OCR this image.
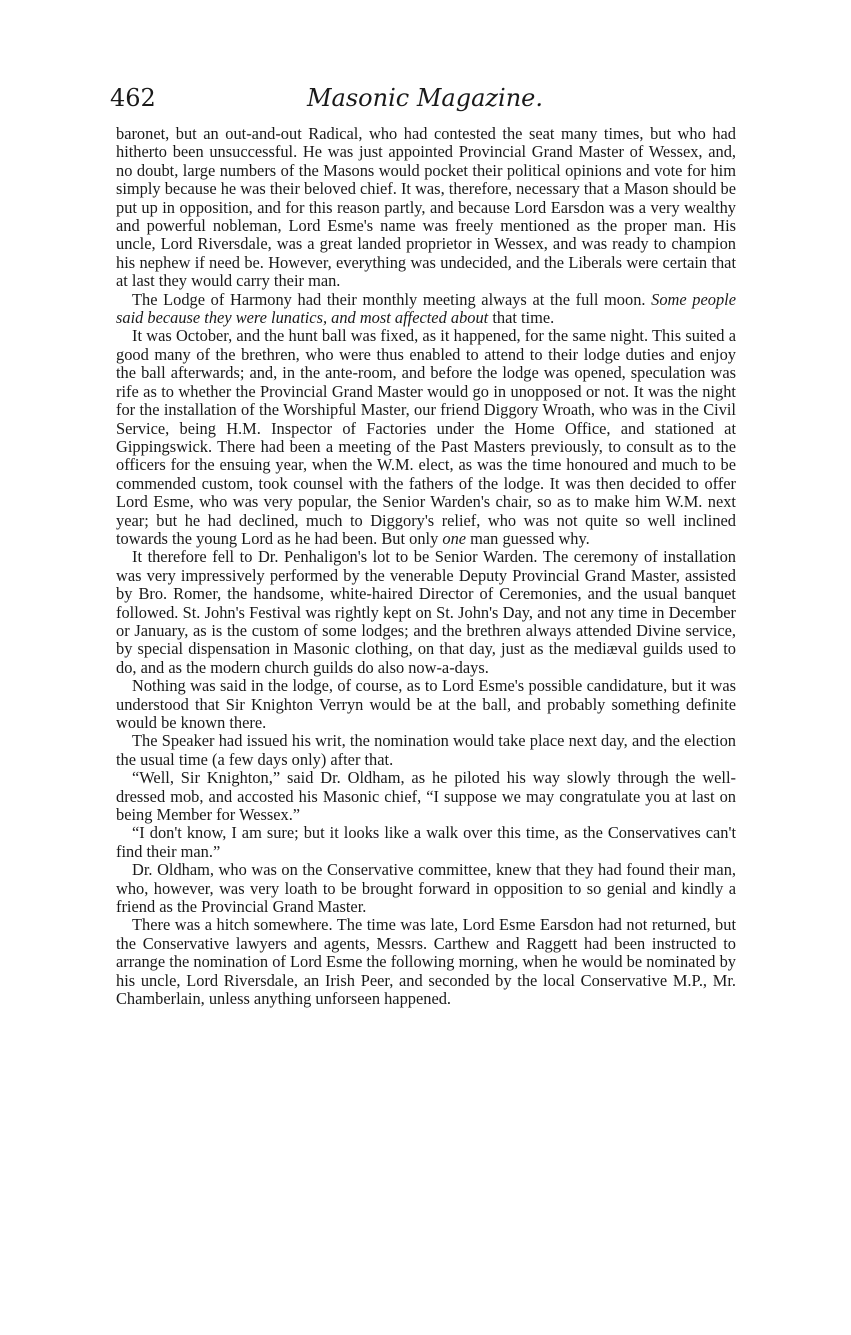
462	Masonic Magazine.

baronet, but an out-and-out Radical, who had contested the seat many times, but who had hitherto been unsuccessful. He was just appointed Provincial Grand Master of Wessex, and, no doubt, large numbers of the Masons would pocket their political opinions and vote for him simply because he was their beloved chief. It was, therefore, necessary that a Mason should be put up in opposition, and for this reason partly, and because Lord Earsdon was a very wealthy and powerful nobleman, Lord Esme's name was freely mentioned as the proper man. His uncle, Lord Riversdale, was a great landed proprietor in Wessex, and was ready to champion his nephew if need be. However, everything was undecided, and the Liberals were certain that at last they would carry their man.

The Lodge of Harmony had their monthly meeting always at the full moon. Some people said because they were lunatics, and most affected about that time.

It was October, and the hunt ball was fixed, as it happened, for the same night. This suited a good many of the brethren, who were thus enabled to attend to their lodge duties and enjoy the ball afterwards; and, in the ante-room, and before the lodge was opened, speculation was rife as to whether the Provincial Grand Master would go in unopposed or not. It was the night for the installation of the Worshipful Master, our friend Diggory Wroath, who was in the Civil Service, being H.M. Inspector of Factories under the Home Office, and stationed at Gippingswick. There had been a meeting of the Past Masters previously, to consult as to the officers for the ensuing year, when the W.M. elect, as was the time honoured and much to be commended custom, took counsel with the fathers of the lodge. It was then decided to offer Lord Esme, who was very popular, the Senior Warden's chair, so as to make him W.M. next year; but he had declined, much to Diggory's relief, who was not quite so well inclined towards the young Lord as he had been. But only one man guessed why.

It therefore fell to Dr. Penhaligon's lot to be Senior Warden. The ceremony of installation was very impressively performed by the venerable Deputy Provincial Grand Master, assisted by Bro. Romer, the handsome, white-haired Director of Ceremonies, and the usual banquet followed. St. John's Festival was rightly kept on St. John's Day, and not any time in December or January, as is the custom of some lodges; and the brethren always attended Divine service, by special dispensation in Masonic clothing, on that day, just as the mediæval guilds used to do, and as the modern church guilds do also now-a-days.

Nothing was said in the lodge, of course, as to Lord Esme's possible candidature, but it was understood that Sir Knighton Verryn would be at the ball, and probably something definite would be known there.

The Speaker had issued his writ, the nomination would take place next day, and the election the usual time (a few days only) after that.

“Well, Sir Knighton,” said Dr. Oldham, as he piloted his way slowly through the well-dressed mob, and accosted his Masonic chief, “I suppose we may congratulate you at last on being Member for Wessex.”

“I don't know, I am sure; but it looks like a walk over this time, as the Conservatives can't find their man.”

Dr. Oldham, who was on the Conservative committee, knew that they had found their man, who, however, was very loath to be brought forward in opposition to so genial and kindly a friend as the Provincial Grand Master.

There was a hitch somewhere. The time was late, Lord Esme Earsdon had not returned, but the Conservative lawyers and agents, Messrs. Carthew and Raggett had been instructed to arrange the nomination of Lord Esme the following morning, when he would be nominated by his uncle, Lord Riversdale, an Irish Peer, and seconded by the local Conservative M.P., Mr. Chamberlain, unless anything unforseen happened.
